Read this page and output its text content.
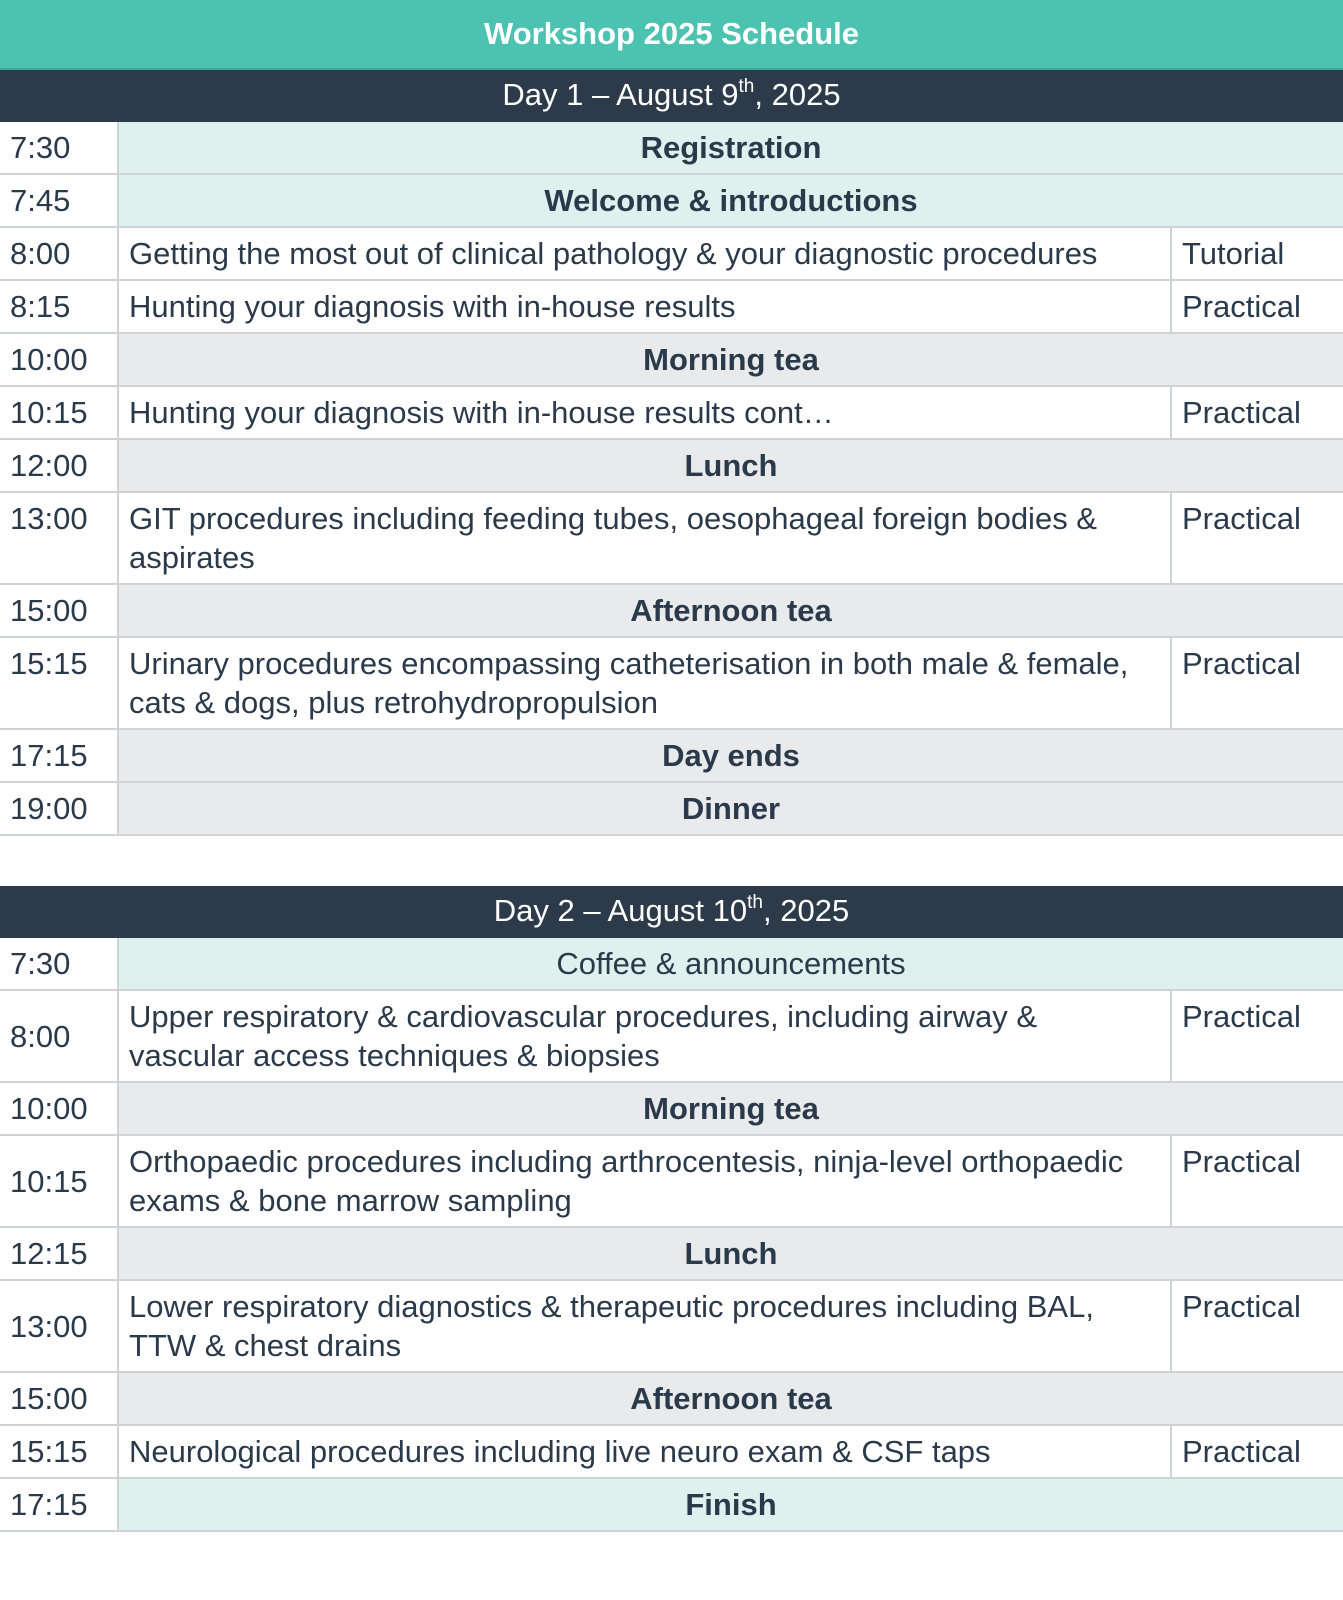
Workshop 2025 Schedule		
Day 1 – August 9th, 2025		
7:30	Registration	
7:45	Welcome & introductions	
8:00	Getting the most out of clinical pathology & your diagnostic procedures	Tutorial
8:15	Hunting your diagnosis with in-house results	Practical
10:00	Morning tea	
10:15	Hunting your diagnosis with in-house results cont…	Practical
12:00	Lunch	
13:00	GIT procedures including feeding tubes, oesophageal foreign bodies & aspirates	Practical
15:00	Afternoon tea	
15:15	Urinary procedures encompassing catheterisation in both male & female, cats & dogs, plus retrohydropropulsion	Practical
17:15	Day ends	
19:00	Dinner	
Day 2 – August 10th, 2025		
7:30	Coffee & announcements	
8:00	Upper respiratory & cardiovascular procedures, including airway & vascular access techniques & biopsies	Practical
10:00	Morning tea	
10:15	Orthopaedic procedures including arthrocentesis, ninja-level orthopaedic exams & bone marrow sampling	Practical
12:15	Lunch	
13:00	Lower respiratory diagnostics & therapeutic procedures including BAL, TTW & chest drains	Practical
15:00	Afternoon tea	
15:15	Neurological procedures including live neuro exam & CSF taps	Practical
17:15	Finish	
